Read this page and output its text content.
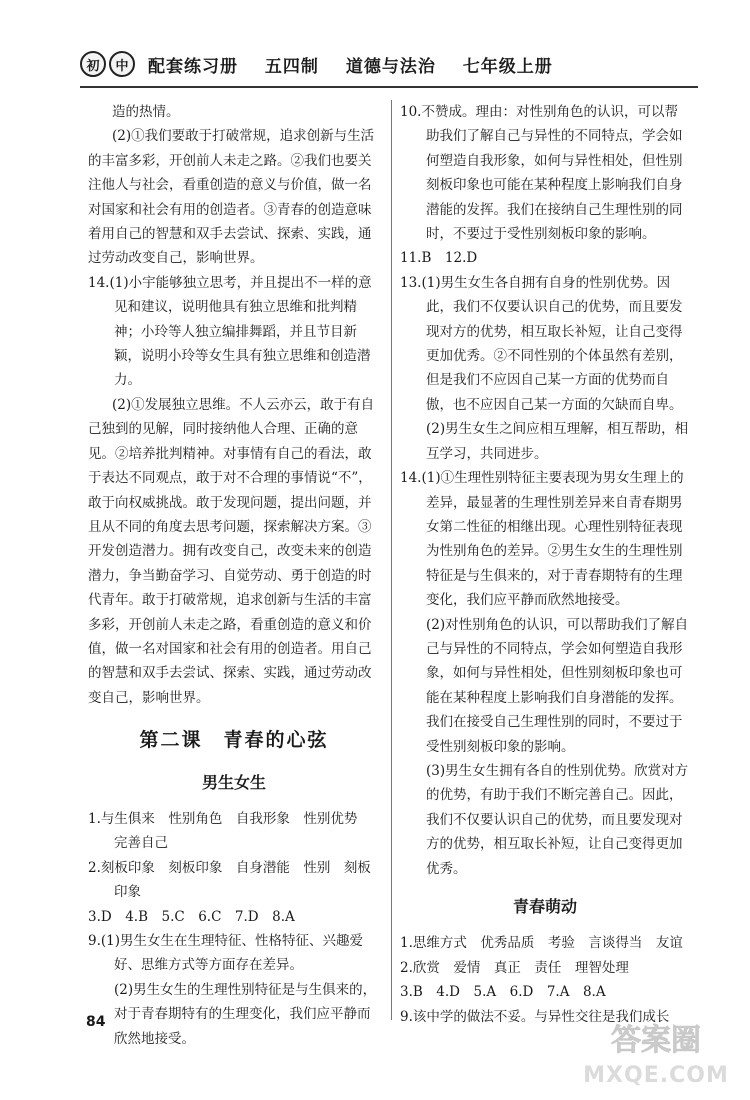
初	中	配套练习册 五四制 道德与法治 七年级上册

造的热情。

(2)①我们要敢于打破常规，追求创新与生活的丰富多彩，开创前人未走之路。②我们也要关注他人与社会，看重创造的意义与价值，做一名对国家和社会有用的创造者。③青春的创造意味着用自己的智慧和双手去尝试、探索、实践，通过劳动改变自己，影响世界。

14.(1)小宇能够独立思考，并且提出不一样的意见和建议，说明他具有独立思维和批判精神；小玲等人独立编排舞蹈，并且节目新颖，说明小玲等女生具有独立思维和创造潜力。

(2)①发展独立思维。不人云亦云，敢于有自己独到的见解，同时接纳他人合理、正确的意见。②培养批判精神。对事情有自己的看法，敢于表达不同观点，敢于对不合理的事情说“不”，敢于向权威挑战。敢于发现问题，提出问题，并且从不同的角度去思考问题，探索解决方案。③开发创造潜力。拥有改变自己，改变未来的创造潜力，争当勤奋学习、自觉劳动、勇于创造的时代青年。敢于打破常规，追求创新与生活的丰富多彩，开创前人未走之路，看重创造的意义和价值，做一名对国家和社会有用的创造者。用自己的智慧和双手去尝试、探索、实践，通过劳动改变自己，影响世界。

第二课　青春的心弦
男生女生

1.与生俱来　性别角色　自我形象　性别优势　完善自己

2.刻板印象　刻板印象　自身潜能　性别　刻板印象

3.D　4.B　5.C　6.C　7.D　8.A

9.(1)男生女生在生理特征、性格特征、兴趣爱好、思维方式等方面存在差异。

(2)男生女生的生理性别特征是与生俱来的，对于青春期特有的生理变化，我们应平静而欣然地接受。

10.不赞成。理由：对性别角色的认识，可以帮助我们了解自己与异性的不同特点，学会如何塑造自我形象，如何与异性相处，但性别刻板印象也可能在某种程度上影响我们自身潜能的发挥。我们在接纳自己生理性别的同时，不要过于受性别刻板印象的影响。

11.B　12.D

13.(1)男生女生各自拥有自身的性别优势。因此，我们不仅要认识自己的优势，而且要发现对方的优势，相互取长补短，让自己变得更加优秀。②不同性别的个体虽然有差别，但是我们不应因自己某一方面的优势而自傲，也不应因自己某一方面的欠缺而自卑。

(2)男生女生之间应相互理解，相互帮助，相互学习，共同进步。

14.(1)①生理性别特征主要表现为男女生理上的差异，最显著的生理性别差异来自青春期男女第二性征的相继出现。心理性别特征表现为性别角色的差异。②男生女生的生理性别特征是与生俱来的，对于青春期特有的生理变化，我们应平静而欣然地接受。

(2)对性别角色的认识，可以帮助我们了解自己与异性的不同特点，学会如何塑造自我形象，如何与异性相处，但性别刻板印象也可能在某种程度上影响我们自身潜能的发挥。我们在接受自己生理性别的同时，不要过于受性别刻板印象的影响。

(3)男生女生拥有各自的性别优势。欣赏对方的优势，有助于我们不断完善自己。因此，我们不仅要认识自己的优势，而且要发现对方的优势，相互取长补短，让自己变得更加优秀。

青春萌动

1.思维方式　优秀品质　考验　言谈得当　友谊

2.欣赏　爱情　真正　责任　理智处理

3.B　4.D　5.A　6.D　7.A　8.A

9.该中学的做法不妥。与异性交往是我们成长

84
答案圈
MXQE.COM
